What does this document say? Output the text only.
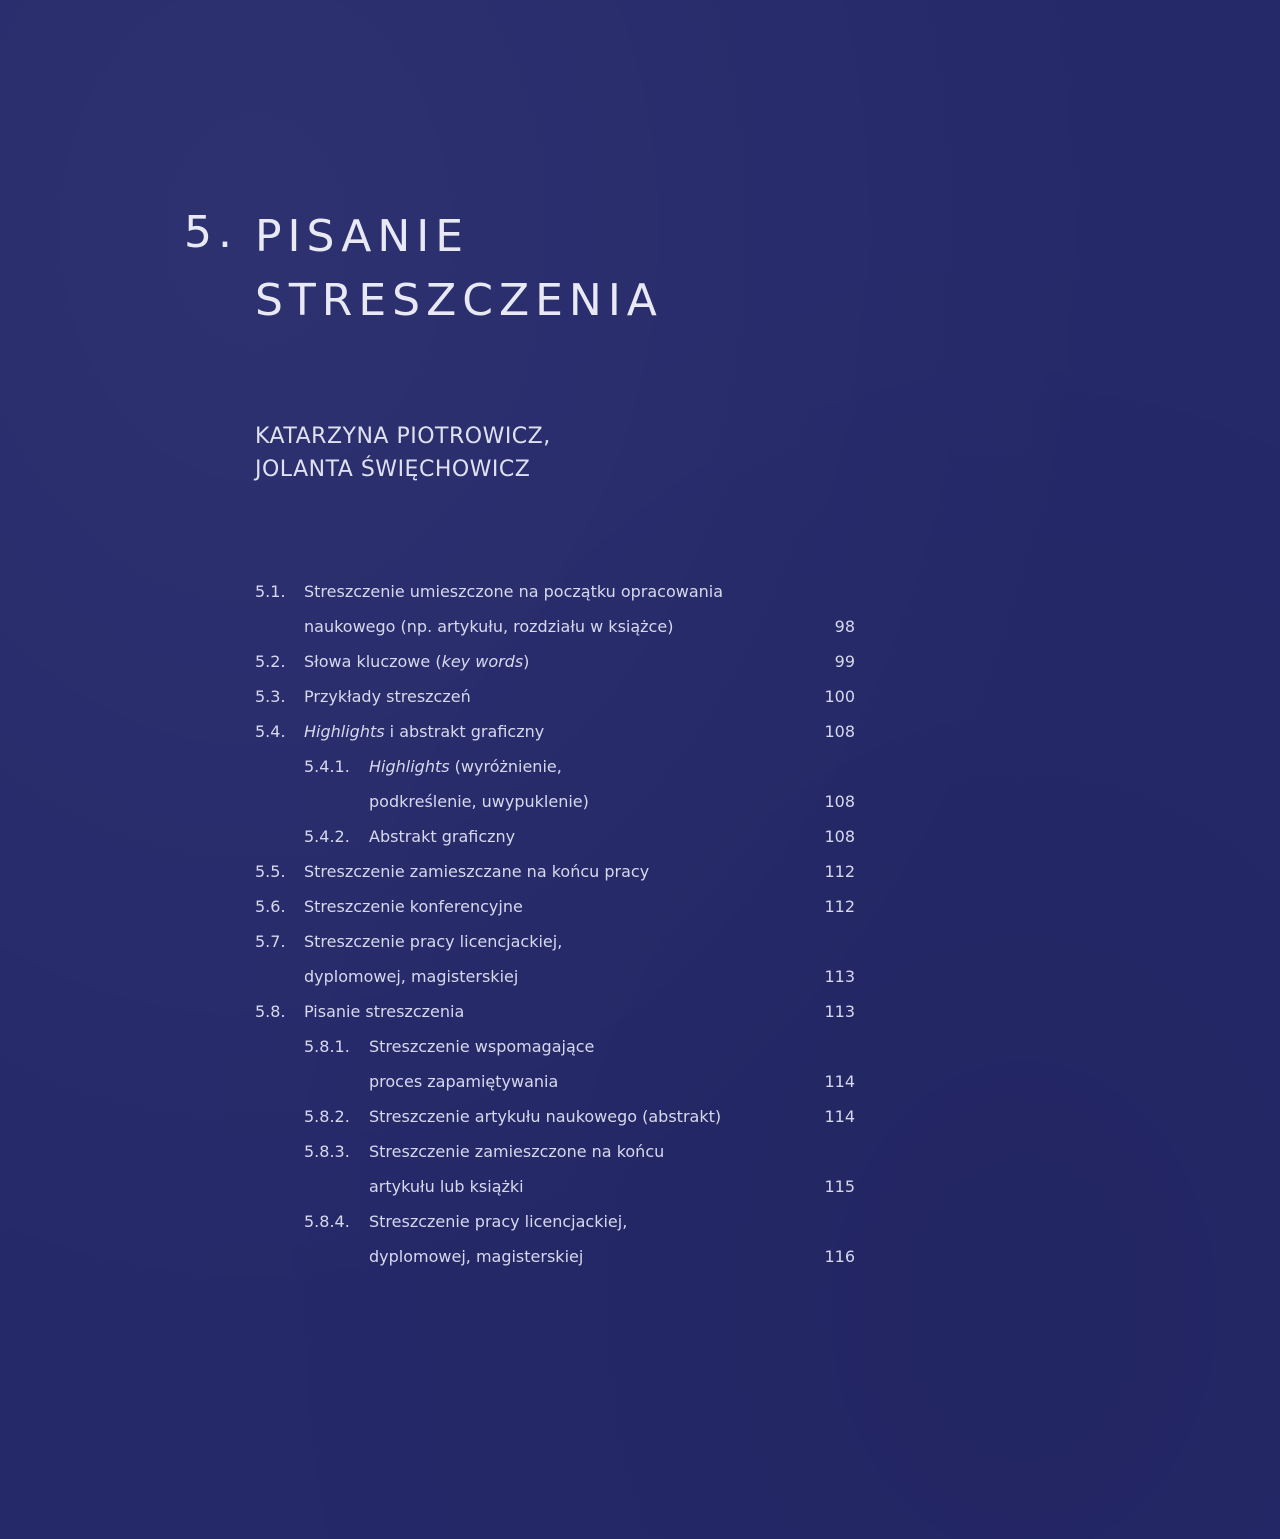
5. PISANIE
STRESZCZENIA
KATARZYNA PIOTROWICZ,
JOLANTA ŚWIĘCHOWICZ
5.1. Streszczenie umieszczone na początku opracowania
naukowego (np. artykułu, rozdziału w książce)	98
5.2. Słowa kluczowe (key words)	99
5.3. Przykłady streszczeń	100
5.4. Highlights i abstrakt graficzny	108
5.4.1. Highlights (wyróżnienie,
podkreślenie, uwypuklenie)	108
5.4.2. Abstrakt graficzny	108
5.5. Streszczenie zamieszczane na końcu pracy	112
5.6. Streszczenie konferencyjne	112
5.7. Streszczenie pracy licencjackiej,
dyplomowej, magisterskiej	113
5.8. Pisanie streszczenia	113
5.8.1. Streszczenie wspomagające
proces zapamiętywania	114
5.8.2. Streszczenie artykułu naukowego (abstrakt)	114
5.8.3. Streszczenie zamieszczone na końcu
artykułu lub książki	115
5.8.4. Streszczenie pracy licencjackiej,
dyplomowej, magisterskiej	116
